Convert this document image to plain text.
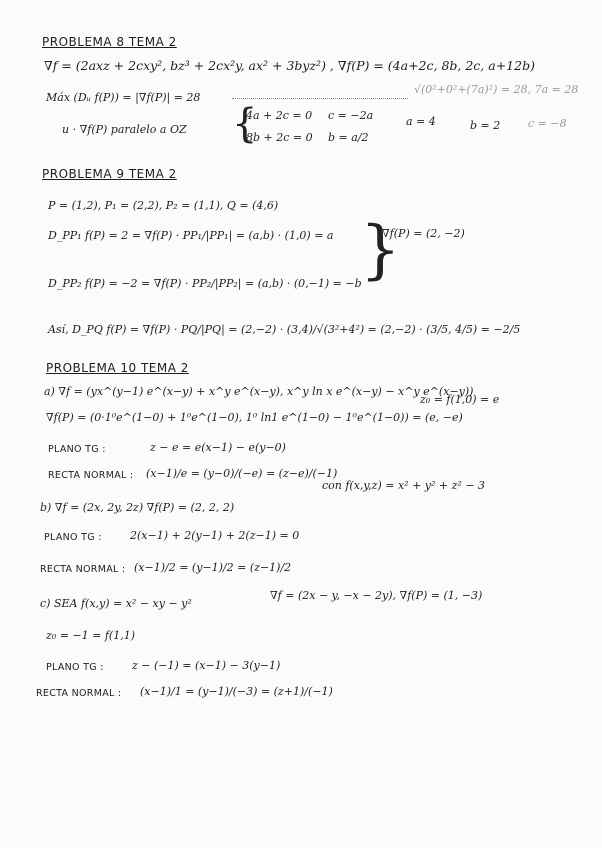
PROBLEMA 8 TEMA 2
∇f = (2axz + 2cxy², bz³ + 2cx²y, ax² + 3byz²) , ∇f(P) = (4a+2c, 8b, 2c, a+12b)
Máx (Dᵤ f(P)) = |∇f(P)| = 28
√(0²+0²+(7a)²) = 28, 7a = 28
u · ∇f(P) paralelo a OZ {
4a + 2c = 0
8b + 2c = 0
c = −2a
b = a/2
a = 4	b = 2	c = −8
PROBLEMA 9 TEMA 2
P = (1,2), P₁ = (2,2), P₂ = (1,1), Q = (4,6)
D_PP₁ f(P) = 2 = ∇f(P) · PP₁/|PP₁| = (a,b) · (1,0) = a
D_PP₂ f(P) = −2 = ∇f(P) · PP₂/|PP₂| = (a,b) · (0,−1) = −b
}
∇f(P) = (2, −2)
Así, D_PQ f(P) = ∇f(P) · PQ/|PQ| = (2,−2) · (3,4)/√(3²+4²) = (2,−2) · (3/5, 4/5) = −2/5
PROBLEMA 10 TEMA 2
a) ∇f = (yx^(y−1) e^(x−y) + x^y e^(x−y), x^y ln x e^(x−y) − x^y e^(x−y))
∇f(P) = (0·1⁰e^(1−0) + 1⁰e^(1−0), 1⁰ ln1 e^(1−0) − 1⁰e^(1−0)) = (e, −e)
z₀ = f(1,0) = e
PLANO TG :	z − e = e(x−1) − e(y−0)
RECTA NORMAL : (x−1)/e = (y−0)/(−e) = (z−e)/(−1)
b) ∇f = (2x, 2y, 2z) ∇f(P) = (2, 2, 2)
con f(x,y,z) = x² + y² + z² − 3
PLANO TG :	2(x−1) + 2(y−1) + 2(z−1) = 0
RECTA NORMAL : (x−1)/2 = (y−1)/2 = (z−1)/2
c) SEA f(x,y) = x² − xy − y²
∇f = (2x − y, −x − 2y), ∇f(P) = (1, −3)
z₀ = −1 = f(1,1)
PLANO TG :	z − (−1) = (x−1) − 3(y−1)
RECTA NORMAL : (x−1)/1 = (y−1)/(−3) = (z+1)/(−1)
